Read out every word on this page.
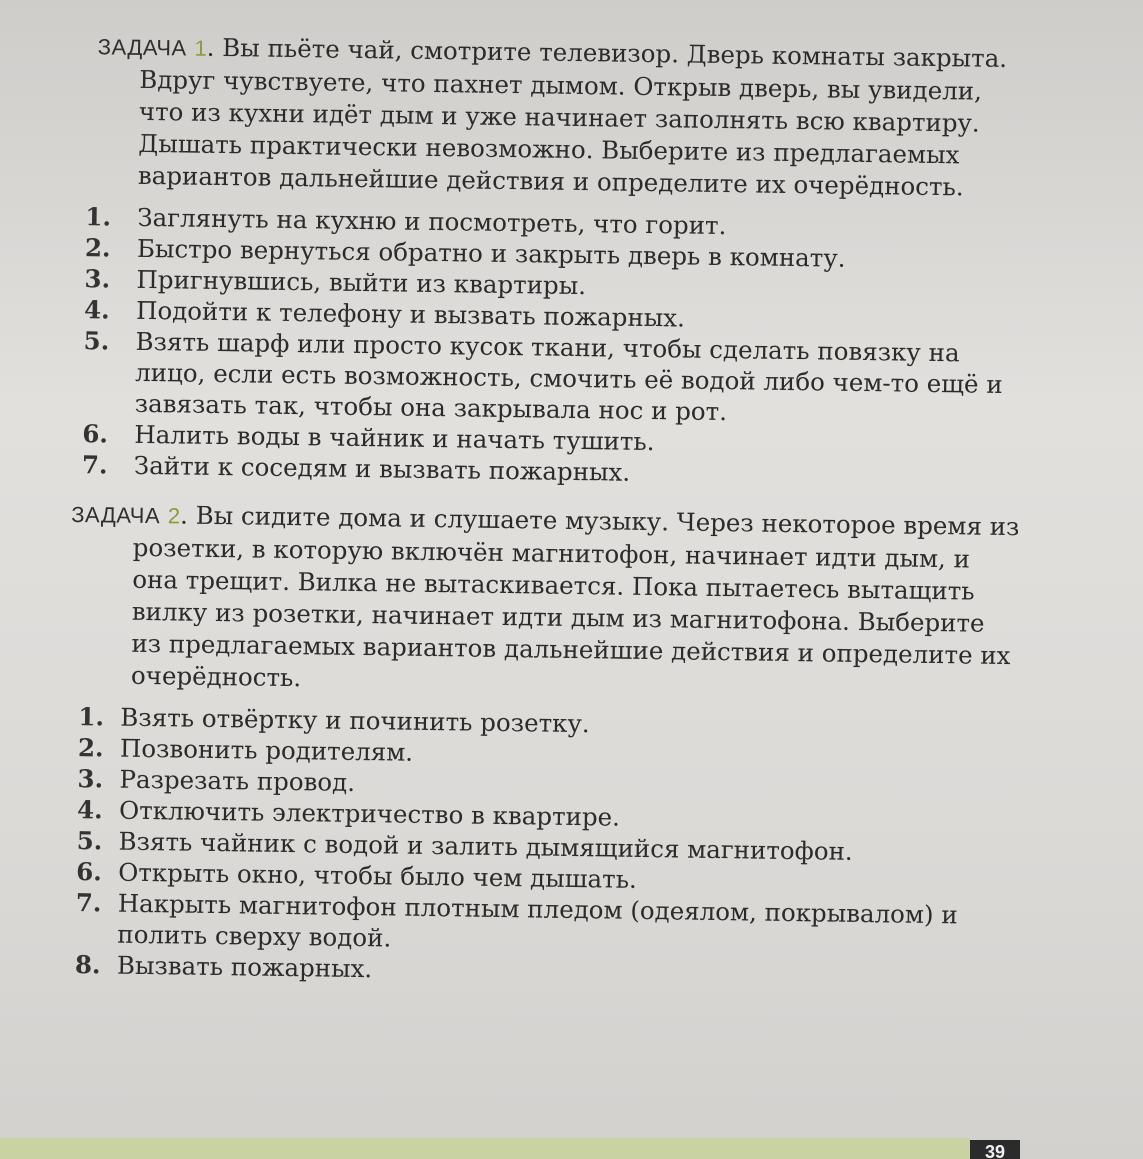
ЗАДАЧА 1. Вы пьёте чай, смотрите телевизор. Дверь комнаты закрыта. Вдруг чувствуете, что пахнет дымом. Открыв дверь, вы увидели, что из кухни идёт дым и уже начинает заполнять всю квартиру. Дышать практически невозможно. Выберите из предлагаемых вариантов дальнейшие действия и определите их очерёдность.

1.	Заглянуть на кухню и посмотреть, что горит.
2.	Быстро вернуться обратно и закрыть дверь в комнату.
3.	Пригнувшись, выйти из квартиры.
4.	Подойти к телефону и вызвать пожарных.
5.	Взять шарф или просто кусок ткани, чтобы сделать повязку на лицо, если есть возможность, смочить её водой либо чем-то ещё и завязать так, чтобы она закрывала нос и рот.
6.	Налить воды в чайник и начать тушить.
7.	Зайти к соседям и вызвать пожарных.

ЗАДАЧА 2. Вы сидите дома и слушаете музыку. Через некоторое время из розетки, в которую включён магнитофон, начинает идти дым, и она трещит. Вилка не вытаскивается. Пока пытаетесь вытащить вилку из розетки, начинает идти дым из магнитофона. Выберите из предлагаемых вариантов дальнейшие действия и определите их очерёдность.

1. Взять отвёртку и починить розетку.
2. Позвонить родителям.
3. Разрезать провод.
4. Отключить электричество в квартире.
5. Взять чайник с водой и залить дымящийся магнитофон.
6. Открыть окно, чтобы было чем дышать.
7. Накрыть магнитофон плотным пледом (одеялом, покрывалом) и полить сверху водой.
8. Вызвать пожарных.
39
